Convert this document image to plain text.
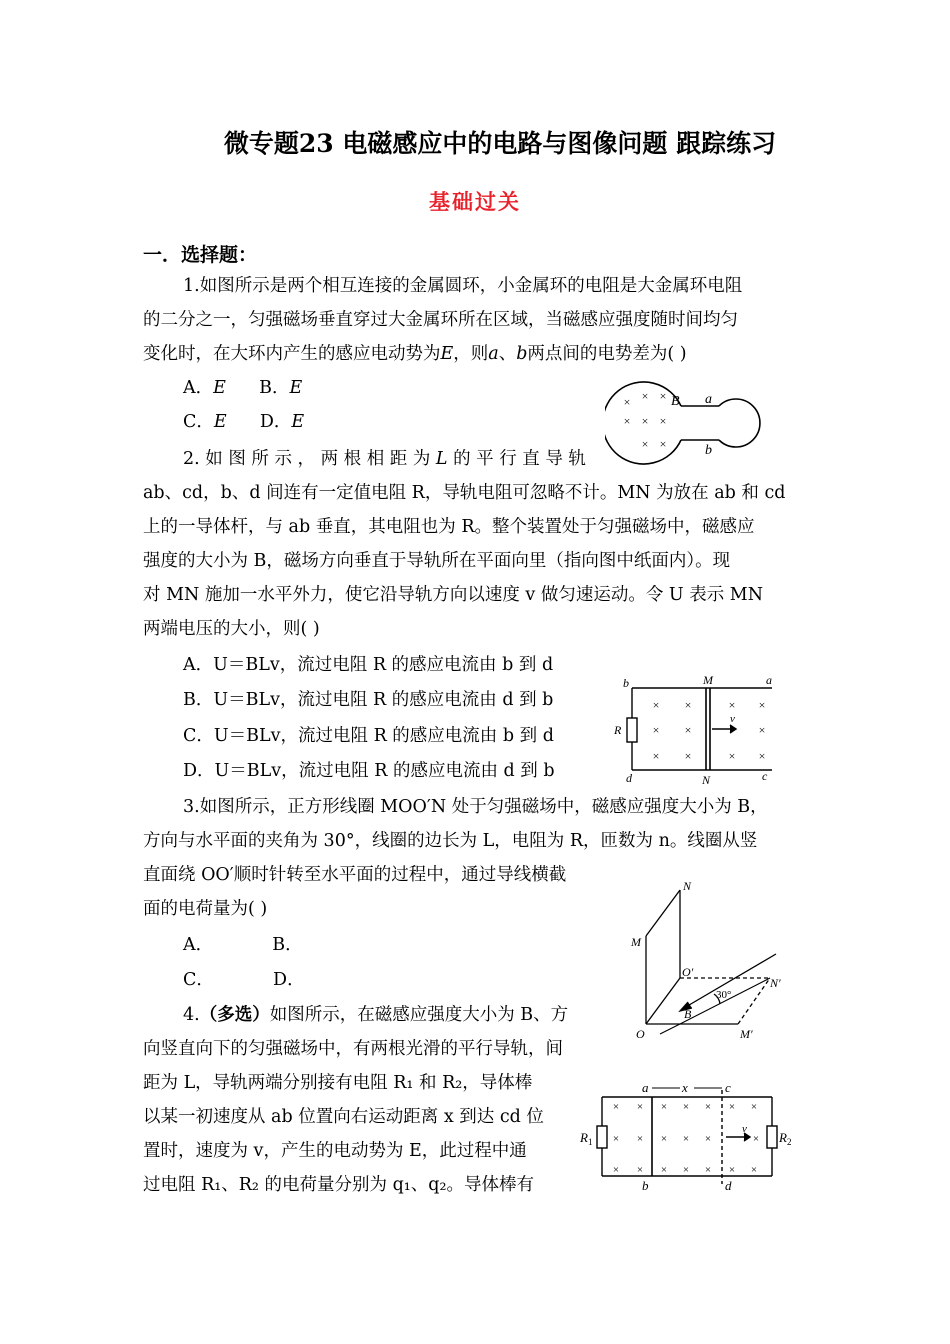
微专题23 电磁感应中的电路与图像问题 跟踪练习
基础过关
一．选择题：
1.如图所示是两个相互连接的金属圆环，小金属环的电阻是大金属环电阻
的二分之一，匀强磁场垂直穿过大金属环所在区域，当磁感应强度随时间均匀
变化时，在大环内产生的感应电动势为E，则a、b两点间的电势差为( )
A．E B．E
C．E D．E
× × ×
× × ×
× ×
B a
b
2. 如 图 所 示 ， 两 根 相 距 为 L 的 平 行 直 导 轨
ab、cd，b、d 间连有一定值电阻 R，导轨电阻可忽略不计。MN 为放在 ab 和 cd
上的一导体杆，与 ab 垂直，其电阻也为 R。整个装置处于匀强磁场中，磁感应
强度的大小为 B，磁场方向垂直于导轨所在平面向里（指向图中纸面内）。现
对 MN 施加一水平外力，使它沿导轨方向以速度 v 做匀速运动。令 U 表示 MN
两端电压的大小，则( )
A．U＝BLv，流过电阻 R 的感应电流由 b 到 d
B．U＝BLv，流过电阻 R 的感应电流由 d 到 b
C．U＝BLv，流过电阻 R 的感应电流由 b 到 d
D．U＝BLv，流过电阻 R 的感应电流由 d 到 b
× ×	× ×
× ×	×
× ×	× ×
b	M	a
R
v
d	N	c
3.如图所示，正方形线圈 MOO′N 处于匀强磁场中，磁感应强度大小为 B，
方向与水平面的夹角为 30°，线圈的边长为 L，电阻为 R，匝数为 n。线圈从竖
直面绕 OO′顺时针转至水平面的过程中，通过导线横截
面的电荷量为( )
A．	B．
C．	D．
N
M
O′
N′
30°
B
O	M′
4.（多选）如图所示，在磁感应强度大小为 B、方
向竖直向下的匀强磁场中，有两根光滑的平行导轨，间
距为 L，导轨两端分别接有电阻 R₁ 和 R₂，导体棒
以某一初速度从 ab 位置向右运动距离 x 到达 cd 位
置时，速度为 v，产生的电动势为 E，此过程中通
过电阻 R₁、R₂ 的电荷量分别为 q₁、q₂。导体棒有
× × × × × × ×
× × × × ×	×
× × × × × × ×
a	x	c
$R_1$
v
$R_2$
b	d
